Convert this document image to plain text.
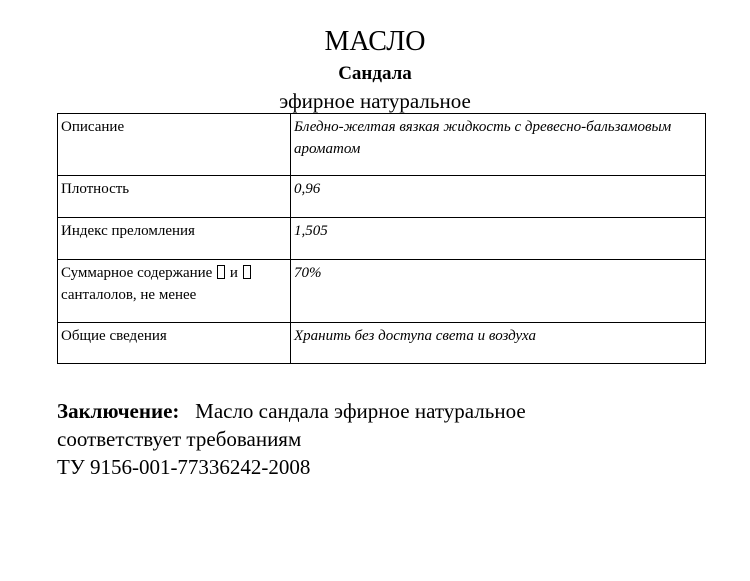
МАСЛО
Сандала
эфирное натуральное
Описание	Бледно-желтая вязкая жидкость с древесно-бальзамовым ароматом
Плотность	0,96
Индекс преломления	1,505
Суммарное содержание и  санталолов, не менее	70%
Общие сведения	Хранить без доступа света и воздуха
Заключение: Масло сандала эфирное натуральное
соответствует требованиям
ТУ 9156-001-77336242-2008
